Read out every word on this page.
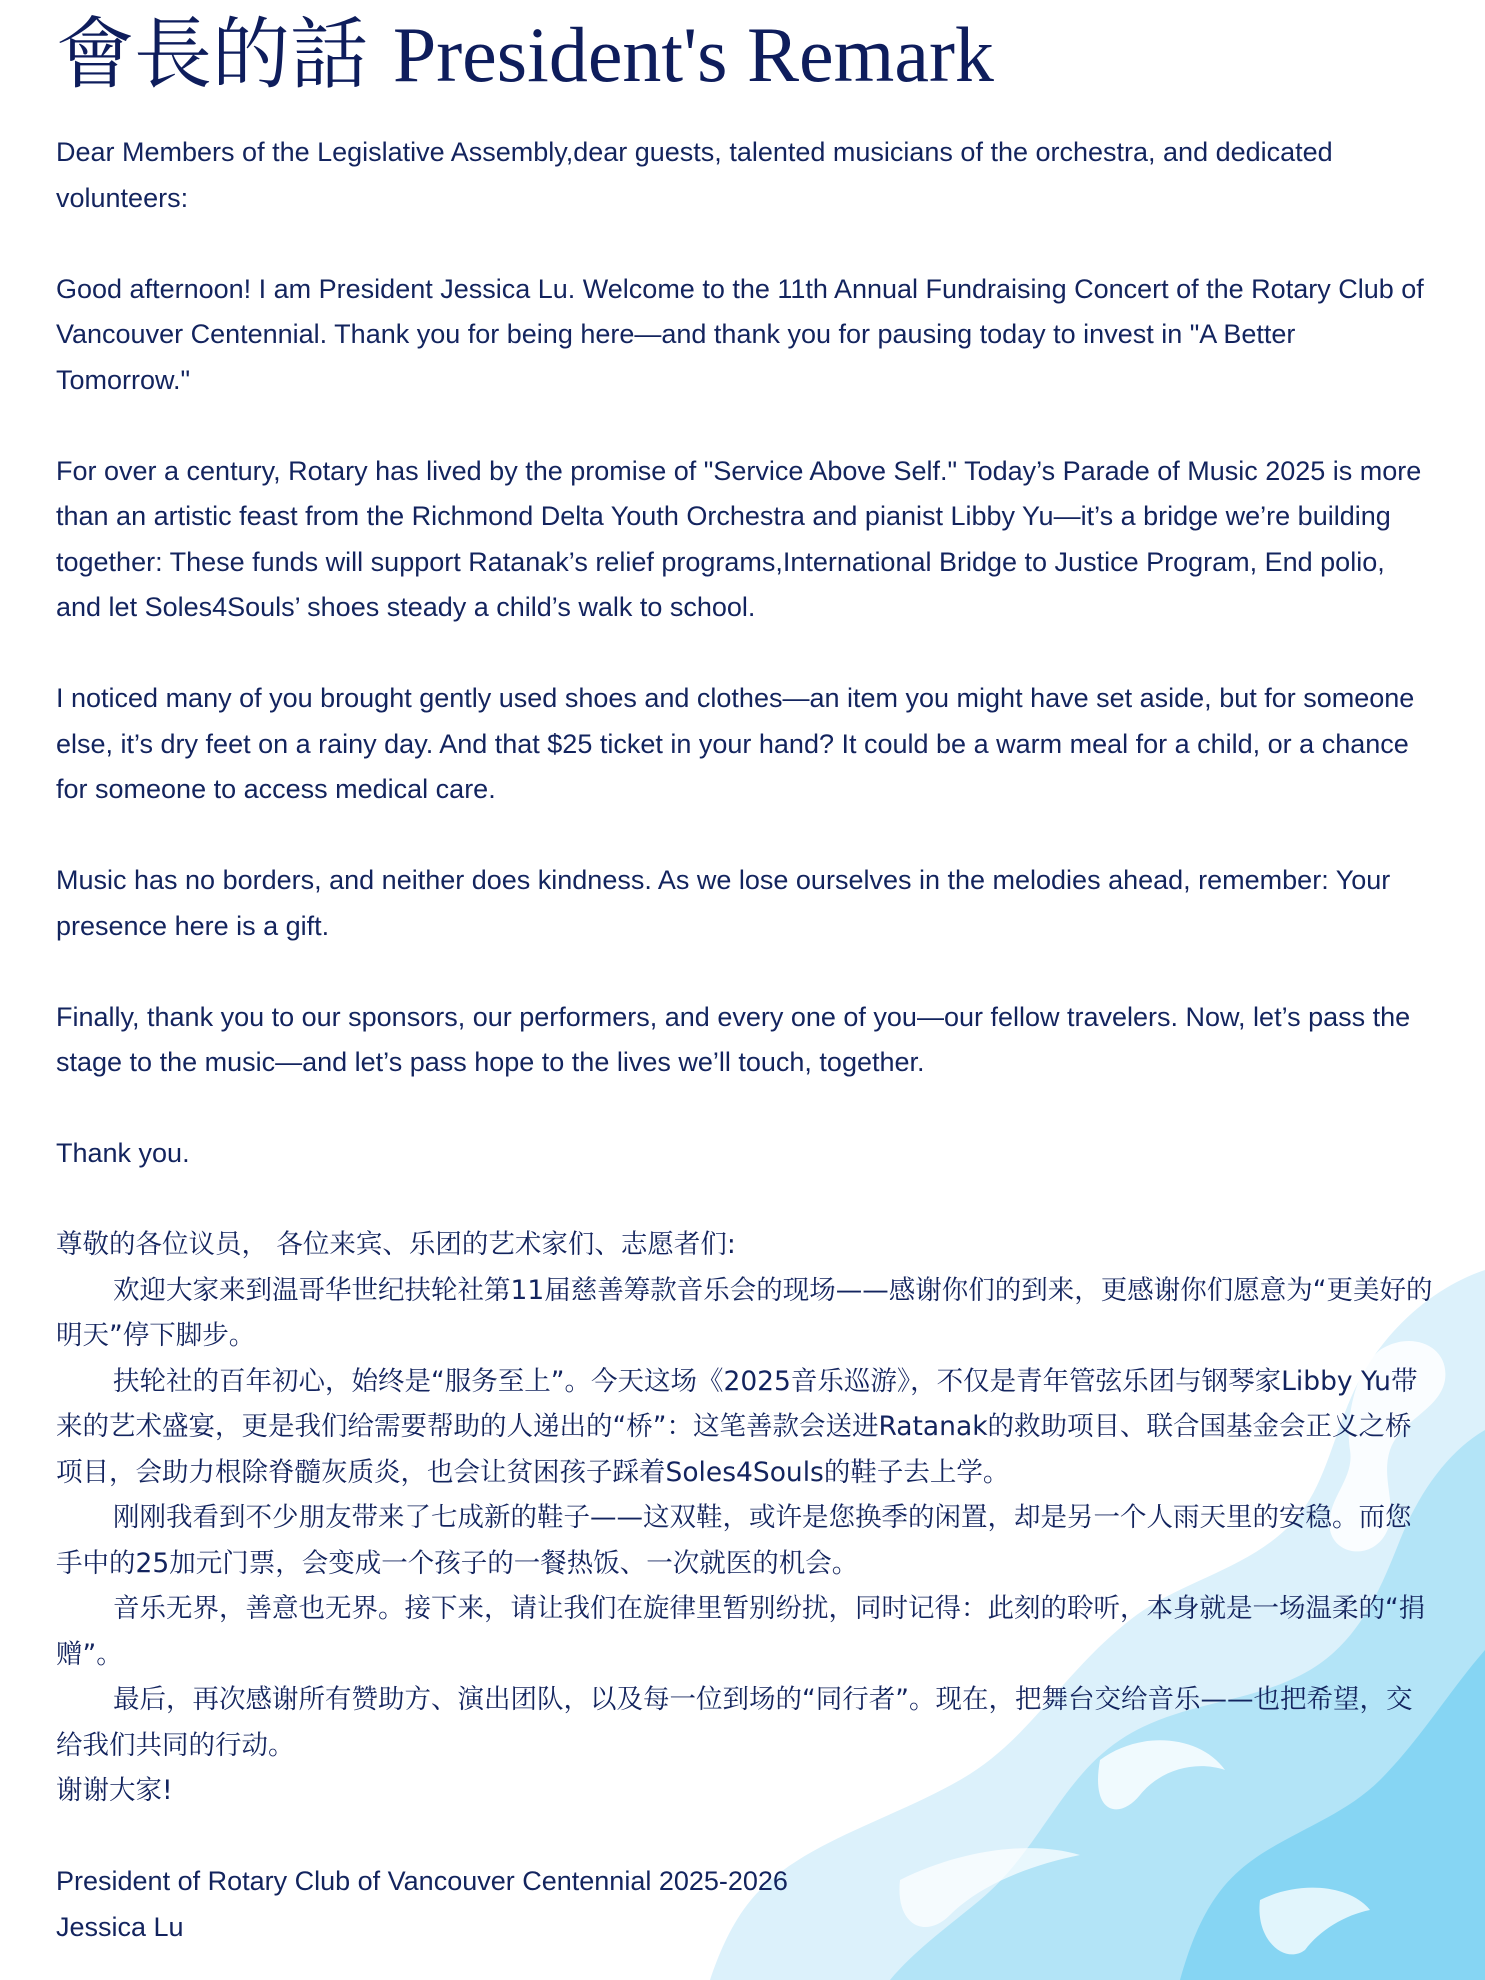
會長的話 President's Remark

Dear Members of the Legislative Assembly,dear guests, talented musicians of the orchestra, and dedicated volunteers:

Good afternoon! I am President Jessica Lu. Welcome to the 11th Annual Fundraising Concert of the Rotary Club of Vancouver Centennial. Thank you for being here—and thank you for pausing today to invest in "A Better Tomorrow."

For over a century, Rotary has lived by the promise of "Service Above Self." Today’s Parade of Music 2025 is more than an artistic feast from the Richmond Delta Youth Orchestra and pianist Libby Yu—it’s a bridge we’re building together: These funds will support Ratanak’s relief programs,International Bridge to Justice Program, End polio, and let Soles4Souls’ shoes steady a child’s walk to school.

I noticed many of you brought gently used shoes and clothes—an item you might have set aside, but for someone else, it’s dry feet on a rainy day. And that $25 ticket in your hand? It could be a warm meal for a child, or a chance for someone to access medical care.

Music has no borders, and neither does kindness. As we lose ourselves in the melodies ahead, remember: Your presence here is a gift.

Finally, thank you to our sponsors, our performers, and every one of you—our fellow travelers. Now, let’s pass the stage to the music—and let’s pass hope to the lives we’ll touch, together.

Thank you.

尊敬的各位议员， 各位来宾、乐团的艺术家们、志愿者们:

欢迎大家来到温哥华世纪扶轮社第11届慈善筹款音乐会的现场——感谢你们的到来，更感谢你们愿意为“更美好的明天”停下脚步。

扶轮社的百年初心，始终是“服务至上”。今天这场《2025音乐巡游》，不仅是青年管弦乐团与钢琴家Libby Yu带来的艺术盛宴，更是我们给需要帮助的人递出的“桥”：这笔善款会送进Ratanak的救助项目、联合国基金会正义之桥项目，会助力根除脊髓灰质炎，也会让贫困孩子踩着Soles4Souls的鞋子去上学。

刚刚我看到不少朋友带来了七成新的鞋子——这双鞋，或许是您换季的闲置，却是另一个人雨天里的安稳。而您手中的25加元门票，会变成一个孩子的一餐热饭、一次就医的机会。

音乐无界，善意也无界。接下来，请让我们在旋律里暂别纷扰，同时记得：此刻的聆听，本身就是一场温柔的“捐赠”。

最后，再次感谢所有赞助方、演出团队，以及每一位到场的“同行者”。现在，把舞台交给音乐——也把希望，交给我们共同的行动。

谢谢大家!

President of Rotary Club of Vancouver Centennial 2025-2026

Jessica Lu
